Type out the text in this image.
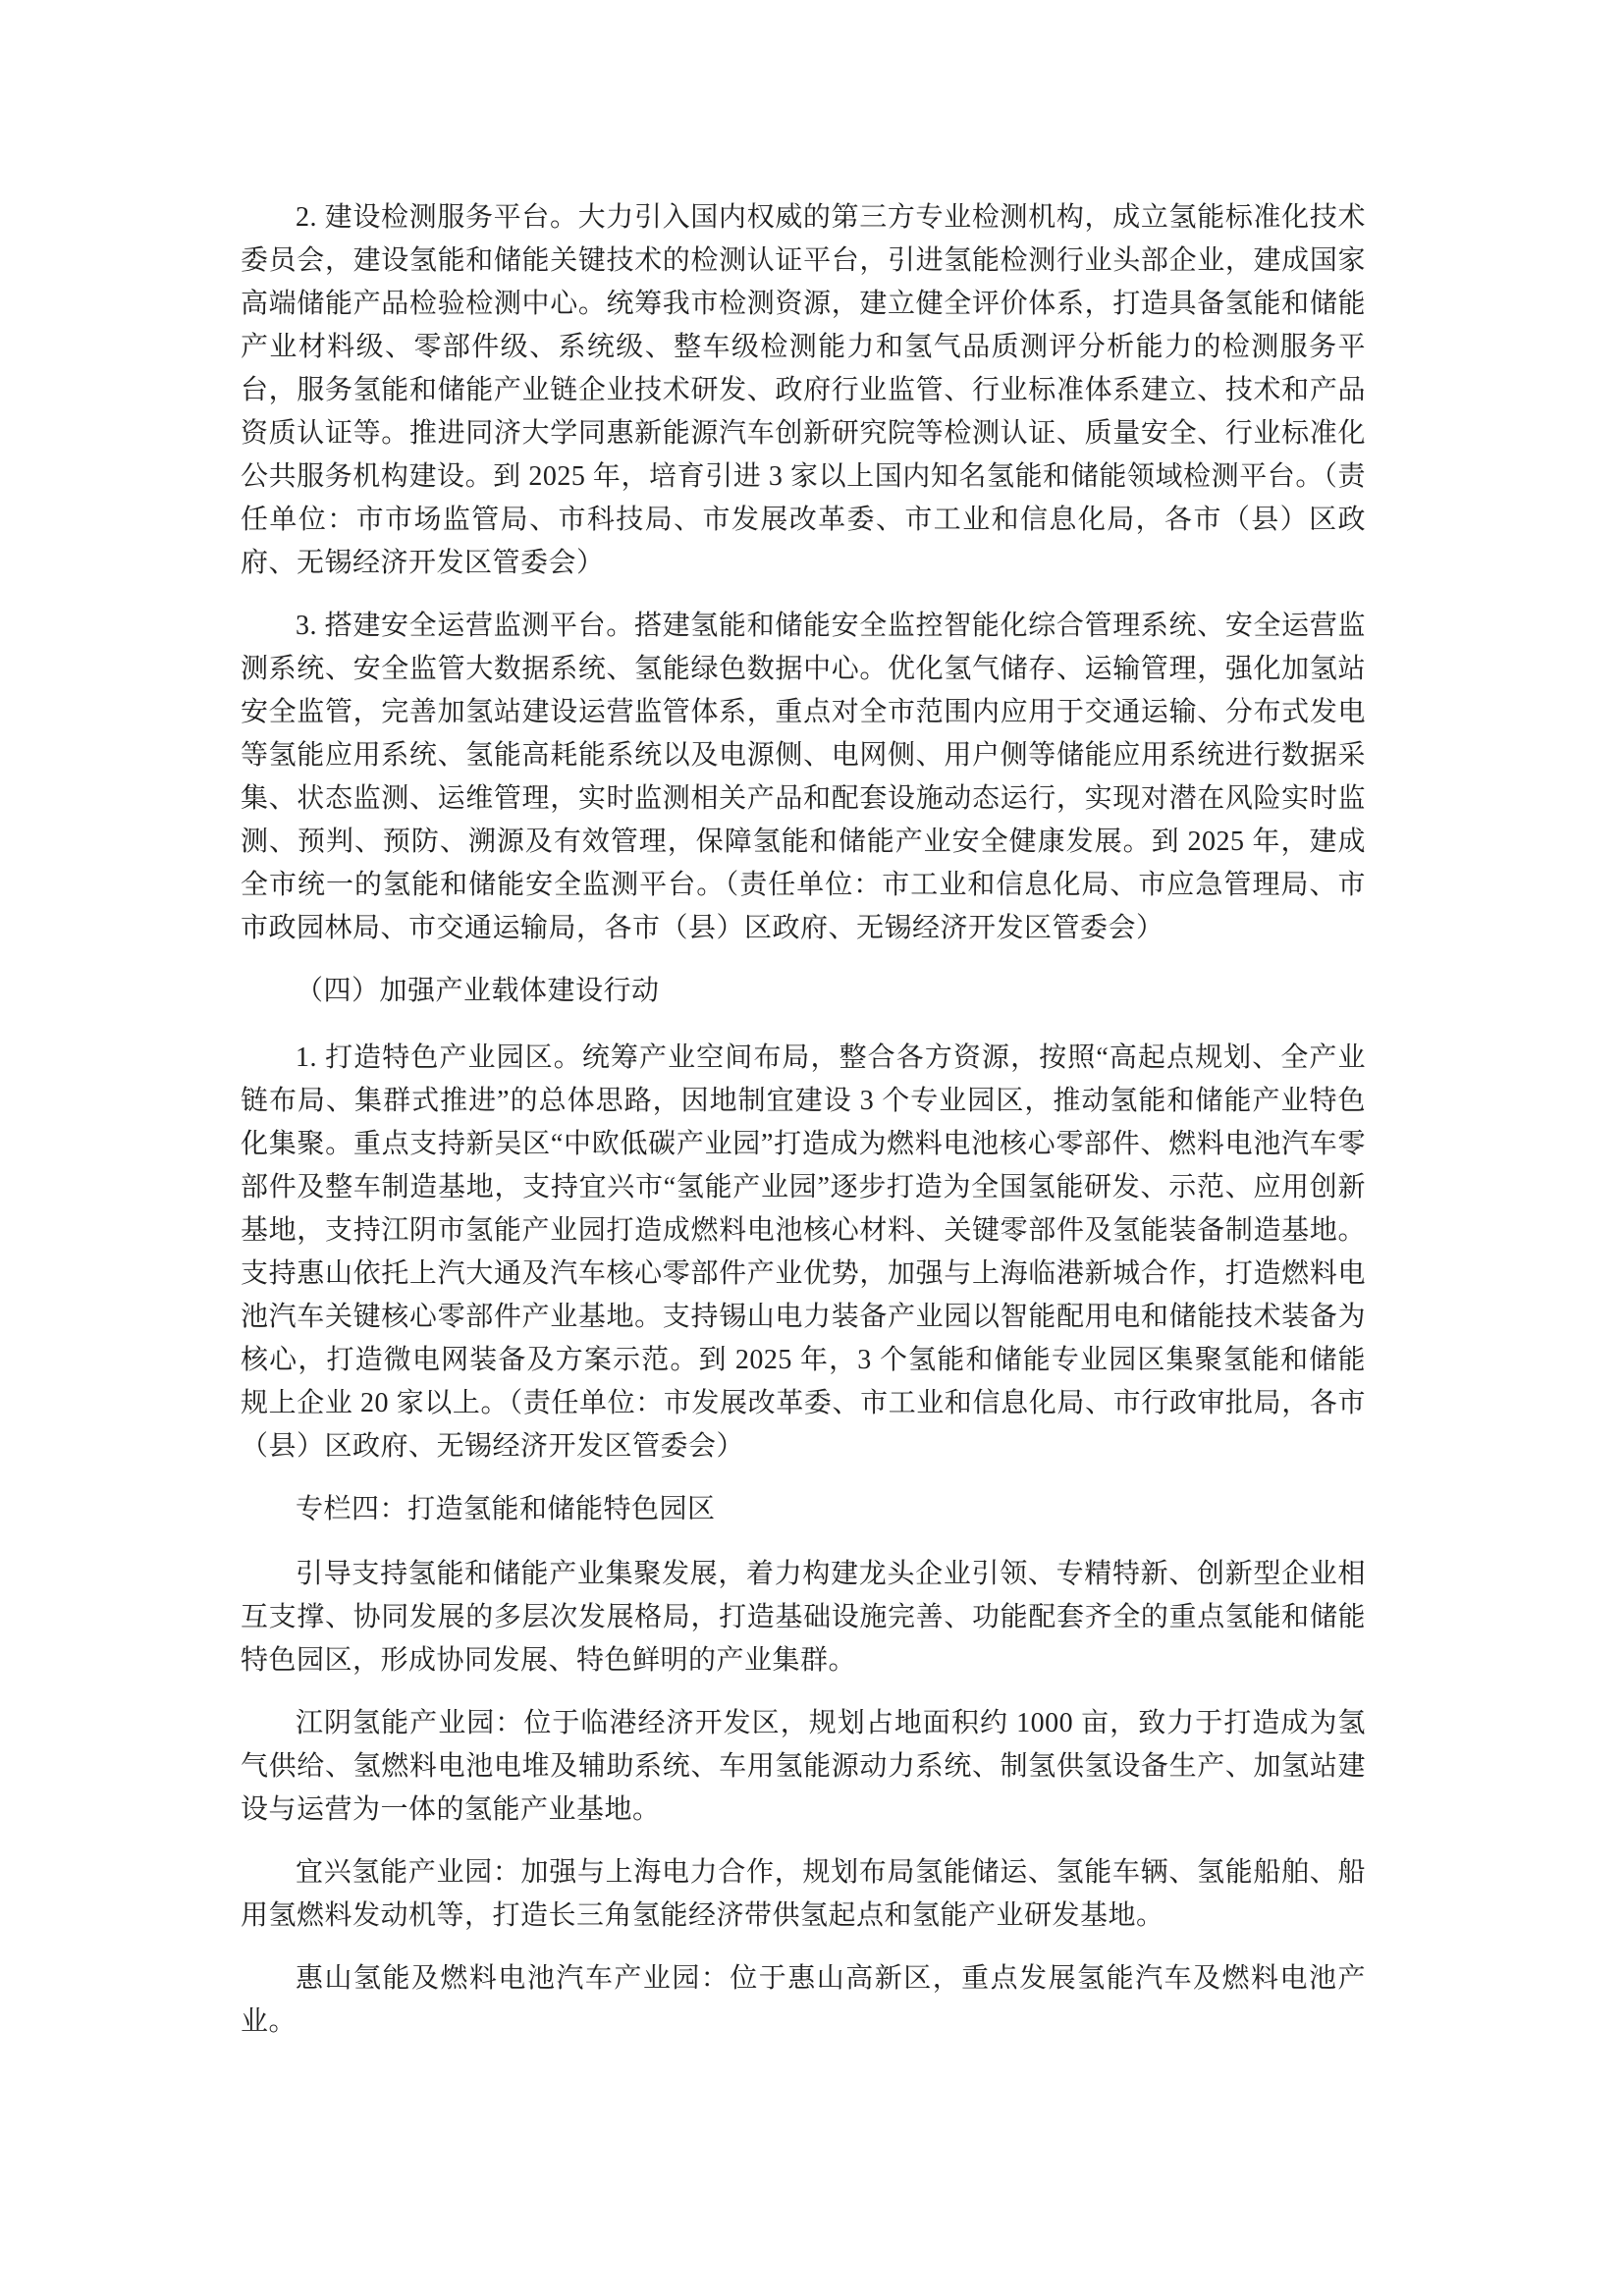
2. 建设检测服务平台。大力引入国内权威的第三方专业检测机构，成立氢能标准化技术委员会，建设氢能和储能关键技术的检测认证平台，引进氢能检测行业头部企业，建成国家高端储能产品检验检测中心。统筹我市检测资源，建立健全评价体系，打造具备氢能和储能产业材料级、零部件级、系统级、整车级检测能力和氢气品质测评分析能力的检测服务平台，服务氢能和储能产业链企业技术研发、政府行业监管、行业标准体系建立、技术和产品资质认证等。推进同济大学同惠新能源汽车创新研究院等检测认证、质量安全、行业标准化公共服务机构建设。到 2025 年，培育引进 3 家以上国内知名氢能和储能领域检测平台。（责任单位：市市场监管局、市科技局、市发展改革委、市工业和信息化局，各市（县）区政府、无锡经济开发区管委会）

3. 搭建安全运营监测平台。搭建氢能和储能安全监控智能化综合管理系统、安全运营监测系统、安全监管大数据系统、氢能绿色数据中心。优化氢气储存、运输管理，强化加氢站安全监管，完善加氢站建设运营监管体系，重点对全市范围内应用于交通运输、分布式发电等氢能应用系统、氢能高耗能系统以及电源侧、电网侧、用户侧等储能应用系统进行数据采集、状态监测、运维管理，实时监测相关产品和配套设施动态运行，实现对潜在风险实时监测、预判、预防、溯源及有效管理，保障氢能和储能产业安全健康发展。到 2025 年，建成全市统一的氢能和储能安全监测平台。（责任单位：市工业和信息化局、市应急管理局、市市政园林局、市交通运输局，各市（县）区政府、无锡经济开发区管委会）

（四）加强产业载体建设行动

1. 打造特色产业园区。统筹产业空间布局，整合各方资源，按照“高起点规划、全产业链布局、集群式推进”的总体思路，因地制宜建设 3 个专业园区，推动氢能和储能产业特色化集聚。重点支持新吴区“中欧低碳产业园”打造成为燃料电池核心零部件、燃料电池汽车零部件及整车制造基地，支持宜兴市“氢能产业园”逐步打造为全国氢能研发、示范、应用创新基地，支持江阴市氢能产业园打造成燃料电池核心材料、关键零部件及氢能装备制造基地。支持惠山依托上汽大通及汽车核心零部件产业优势，加强与上海临港新城合作，打造燃料电池汽车关键核心零部件产业基地。支持锡山电力装备产业园以智能配用电和储能技术装备为核心，打造微电网装备及方案示范。到 2025 年，3 个氢能和储能专业园区集聚氢能和储能规上企业 20 家以上。（责任单位：市发展改革委、市工业和信息化局、市行政审批局，各市（县）区政府、无锡经济开发区管委会）

专栏四：打造氢能和储能特色园区

引导支持氢能和储能产业集聚发展，着力构建龙头企业引领、专精特新、创新型企业相互支撑、协同发展的多层次发展格局，打造基础设施完善、功能配套齐全的重点氢能和储能特色园区，形成协同发展、特色鲜明的产业集群。

江阴氢能产业园：位于临港经济开发区，规划占地面积约 1000 亩，致力于打造成为氢气供给、氢燃料电池电堆及辅助系统、车用氢能源动力系统、制氢供氢设备生产、加氢站建设与运营为一体的氢能产业基地。

宜兴氢能产业园：加强与上海电力合作，规划布局氢能储运、氢能车辆、氢能船舶、船用氢燃料发动机等，打造长三角氢能经济带供氢起点和氢能产业研发基地。

惠山氢能及燃料电池汽车产业园：位于惠山高新区，重点发展氢能汽车及燃料电池产业。
